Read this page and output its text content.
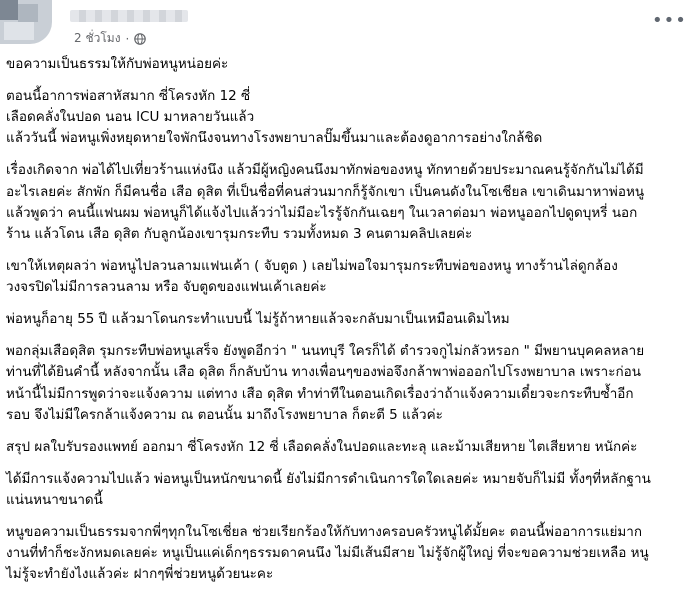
2 ชั่วโมง ·
•••

ขอความเป็นธรรมให้กับพ่อหนูหน่อยค่ะ

ตอนนี้อาการพ่อสาหัสมาก ซี่โครงหัก 12 ซี่
เลือดคลั่งในปอด นอน ICU มาหลายวันแล้ว
แล้ววันนี้ พ่อหนูเพิ่งหยุดหายใจพักนึงจนทางโรงพยาบาลปั๊มขึ้นมาและต้องดูอาการอย่างใกล้ชิด

เรื่องเกิดจาก พ่อได้ไปเที่ยวร้านแห่งนึง แล้วมีผู้หญิงคนนึงมาทักพ่อของหนู ทักทายด้วยประมาณคนรู้จักกันไม่ได้มี
อะไรเลยค่ะ สักพัก ก็มีคนชื่อ เสือ ดุสิต ที่เป็นชื่อที่คนส่วนมากก็รู้จักเขา เป็นคนดังในโซเชียล เขาเดินมาหาพ่อหนู
แล้วพูดว่า คนนี้แฟนผม พ่อหนูก็ได้แจ้งไปแล้วว่าไม่มีอะไรรู้จักกันเฉยๆ ในเวลาต่อมา พ่อหนูออกไปดูดบุหรี่ นอก
ร้าน แล้วโดน เสือ ดุสิต กับลูกน้องเขารุมกระทืบ รวมทั้งหมด 3 คนตามคลิปเลยค่ะ

เขาให้เหตุผลว่า พ่อหนูไปลวนลามแฟนเค้า ( จับตูด ) เลยไม่พอใจมารุมกระทืบพ่อของหนู ทางร้านไล่ดูกล้อง
วงจรปิดไม่มีการลวนลาม หรือ จับตูดของแฟนเค้าเลยค่ะ

พ่อหนูก็อายุ 55 ปี แล้วมาโดนกระทำแบบนี้ ไม่รู้ถ้าหายแล้วจะกลับมาเป็นเหมือนเดิมไหม

พอกลุ่มเสือดุสิต รุมกระทืบพ่อหนูเสร็จ ยังพูดอีกว่า " นนทบุรี ใครก็ได้ ตำรวจกูไม่กลัวหรอก " มีพยานบุคคลหลาย
ท่านที่ได้ยินคำนี้ หลังจากนั้น เสือ ดุสิต ก็กลับบ้าน ทางเพื่อนๆของพ่อจึงกล้าพาพ่อออกไปโรงพยาบาล เพราะก่อน
หน้านี้ไม่มีการพูดว่าจะแจ้งความ แต่ทาง เสือ ดุสิต ทำท่าทีในตอนเกิดเรื่องว่าถ้าแจ้งความเดี๋ยวจะกระทืบซ้ำอีก
รอบ จึงไม่มีใครกล้าแจ้งความ ณ ตอนนั้น มาถึงโรงพยาบาล ก็ตะตี 5 แล้วค่ะ

สรุป ผลใบรับรองแพทย์ ออกมา ซี่โครงหัก 12 ซี่ เลือดคลั่งในปอดและทะลุ และม้ามเสียหาย ไตเสียหาย หนักค่ะ

ได้มีการแจ้งความไปแล้ว พ่อหนูเป็นหนักขนาดนี้ ยังไม่มีการดำเนินการใดใดเลยค่ะ หมายจับก็ไม่มี ทั้งๆที่หลักฐาน
แน่นหนาขนาดนี้

หนูขอความเป็นธรรมจากพี่ๆทุกในโซเชี่ยล ช่วยเรียกร้องให้กับทางครอบครัวหนูได้มั้ยคะ ตอนนี้พ่ออาการแย่มาก
งานที่ทำก็ชะงักหมดเลยค่ะ หนูเป็นแค่เด็กๆธรรมดาคนนึง ไม่มีเส้นมีสาย ไม่รู้จักผู้ใหญ่ ที่จะขอความช่วยเหลือ หนู
ไม่รู้จะทำยังไงแล้วค่ะ ฝากๆพี่ช่วยหนูด้วยนะคะ
